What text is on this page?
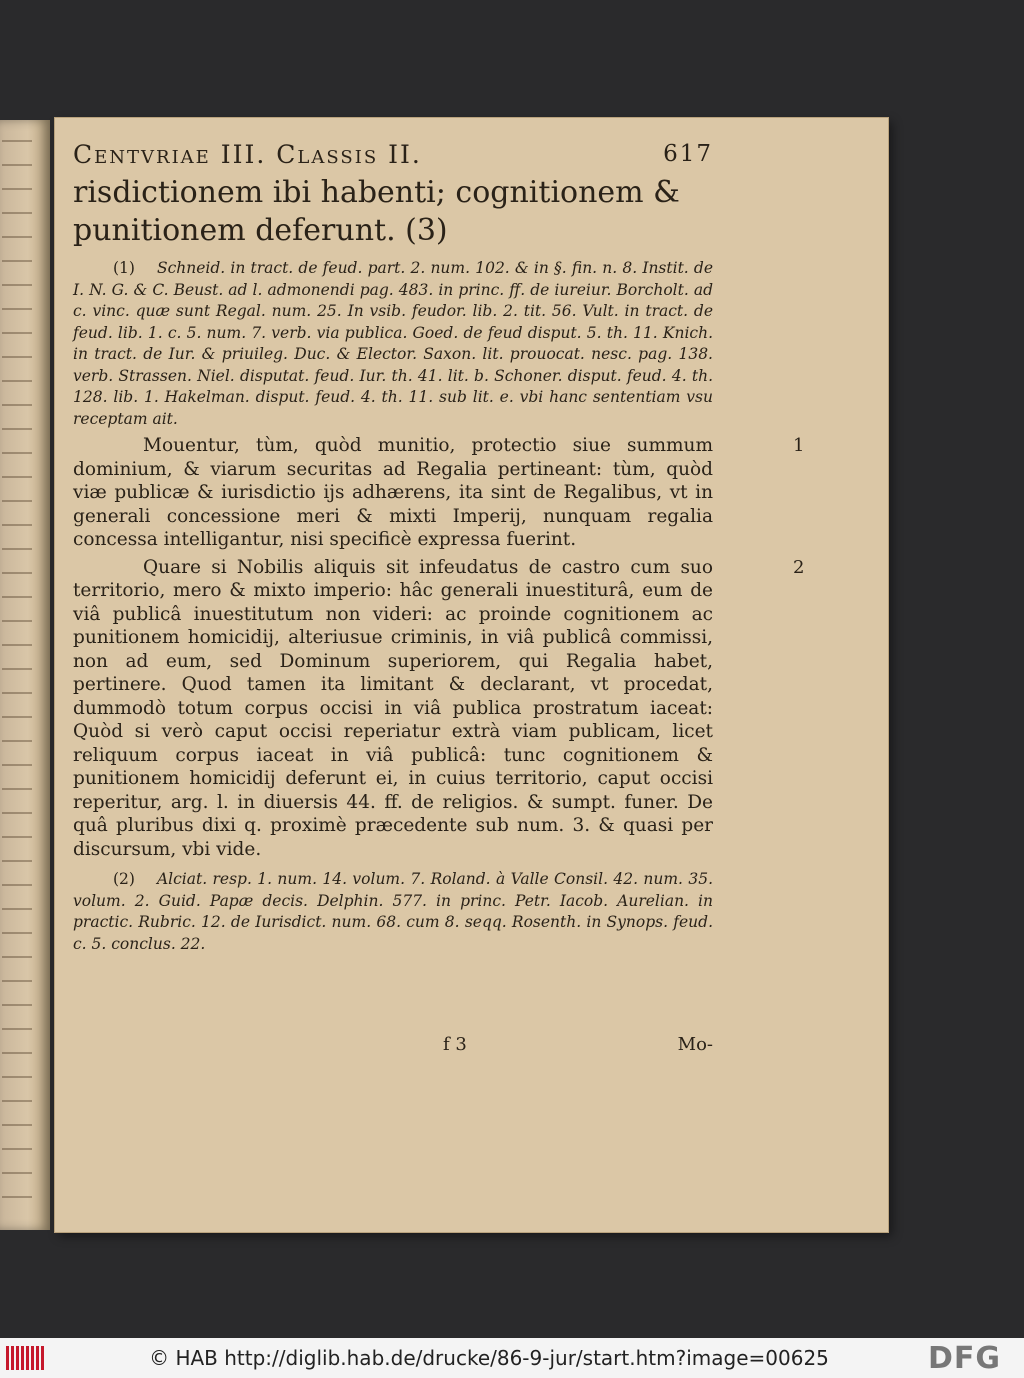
Centvriae III. Classis II.	617

risdictionem ibi habenti; cognitionem &

punitionem deferunt. (3)

(1) Schneid. in tract. de feud. part. 2. num. 102. & in §. fin. n. 8. Instit. de I. N. G. & C. Beust. ad l. admonendi pag. 483. in princ. ff. de iureiur. Borcholt. ad c. vinc. quæ sunt Regal. num. 25. In vsib. feudor. lib. 2. tit. 56. Vult. in tract. de feud. lib. 1. c. 5. num. 7. verb. via publica. Goed. de feud disput. 5. th. 11. Knich. in tract. de Iur. & priuileg. Duc. & Elector. Saxon. lit. prouocat. nesc. pag. 138. verb. Strassen. Niel. disputat. feud. Iur. th. 41. lit. b. Schoner. disput. feud. 4. th. 128. lib. 1. Hakelman. disput. feud. 4. th. 11. sub lit. e. vbi hanc sententiam vsu receptam ait.

1
Mouentur, tùm, quòd munitio, protectio siue summum dominium, & viarum securitas ad Regalia pertineant: tùm, quòd viæ publicæ & iurisdictio ijs adhærens, ita sint de Regalibus, vt in generali concessione meri & mixti Imperij, nunquam regalia concessa intelligantur, nisi specificè expressa fuerint.

2
Quare si Nobilis aliquis sit infeudatus de castro cum suo territorio, mero & mixto imperio: hâc generali inuestiturâ, eum de viâ publicâ inuestitutum non videri: ac proinde cognitionem ac punitionem homicidij, alteriusue criminis, in viâ publicâ commissi, non ad eum, sed Dominum superiorem, qui Regalia habet, pertinere. Quod tamen ita limitant & declarant, vt procedat, dummodò totum corpus occisi in viâ publica prostratum iaceat: Quòd si verò caput occisi reperiatur extrà viam publicam, licet reliquum corpus iaceat in viâ publicâ: tunc cognitionem & punitionem homicidij deferunt ei, in cuius territorio, caput occisi reperitur, arg. l. in diuersis 44. ff. de religios. & sumpt. funer. De quâ pluribus dixi q. proximè præcedente sub num. 3. & quasi per discursum, vbi vide.

(2) Alciat. resp. 1. num. 14. volum. 7. Roland. à Valle Consil. 42. num. 35. volum. 2. Guid. Papæ decis. Delphin. 577. in princ. Petr. Iacob. Aurelian. in practic. Rubric. 12. de Iurisdict. num. 68. cum 8. seqq. Rosenth. in Synops. feud. c. 5. conclus. 22.

f 3	Mo-
© HAB http://diglib.hab.de/drucke/86-9-jur/start.htm?image=00625	DFG
